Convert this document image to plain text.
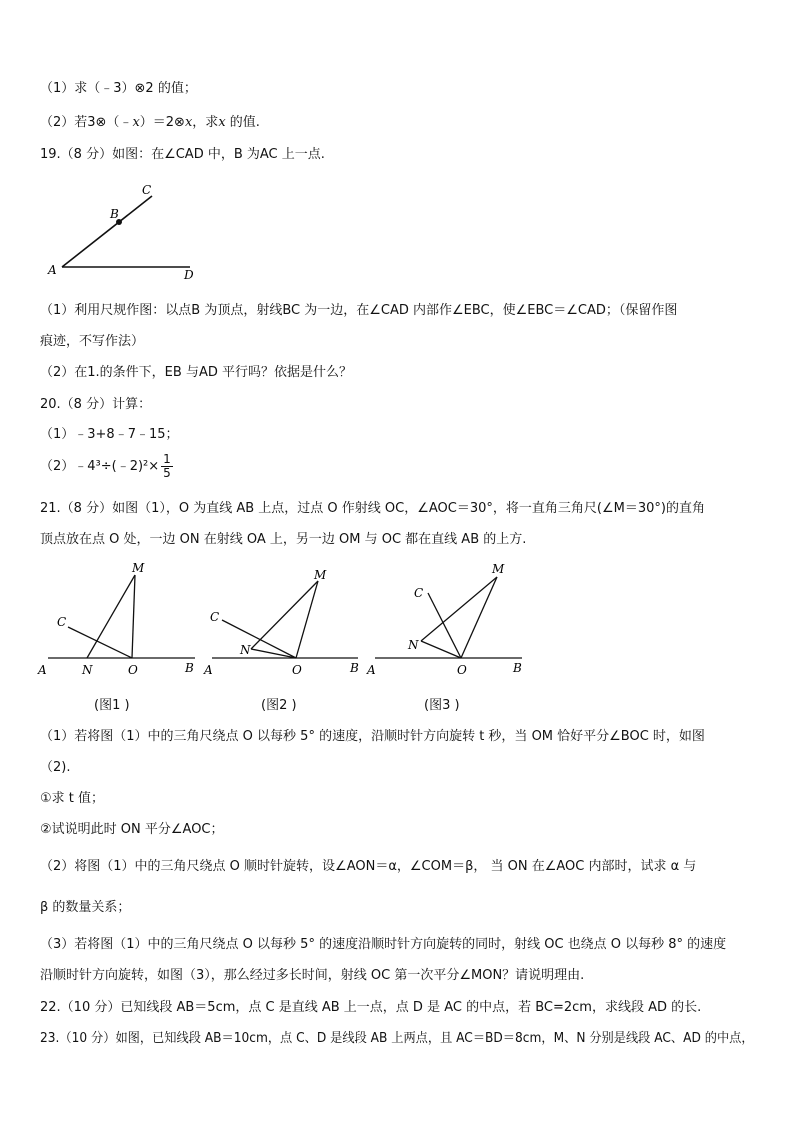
（1）求（﹣3）⊗2 的值；
（2）若3⊗（﹣x）＝2⊗x，求x 的值.
19.（8 分）如图：在∠CAD 中，B 为AC 上一点.
A
B
C
D
（1）利用尺规作图：以点B 为顶点，射线BC 为一边，在∠CAD 内部作∠EBC，使∠EBC＝∠CAD；（保留作图
痕迹，不写作法）
（2）在1.的条件下，EB 与AD 平行吗？依据是什么？
20.（8 分）计算：
（1）﹣3+8﹣7﹣15；
（2）﹣4³÷(﹣2)²× $\frac{1}{5}$
21.（8 分）如图（1），O 为直线 AB 上点，过点 O 作射线 OC，∠AOC＝30°，将一直角三角尺(∠M＝30°)的直角
顶点放在点 O 处，一边 ON 在射线 OA 上，另一边 OM 与 OC 都在直线 AB 的上方.
A
M
C
N	O	B A
M
C
N
O	B A
M
C
N
O	B
(图1 )	(图2 )	(图3 )
（1）若将图（1）中的三角尺绕点 O 以每秒 5° 的速度，沿顺时针方向旋转 t 秒，当 OM 恰好平分∠BOC 时，如图
（2).
①求 t 值；
②试说明此时 ON 平分∠AOC；
（2）将图（1）中的三角尺绕点 O 顺时针旋转，设∠AON＝α，∠COM＝β， 当 ON 在∠AOC 内部时，试求 α 与
β 的数量关系；
（3）若将图（1）中的三角尺绕点 O 以每秒 5° 的速度沿顺时针方向旋转的同时，射线 OC 也绕点 O 以每秒 8° 的速度
沿顺时针方向旋转，如图（3），那么经过多长时间，射线 OC 第一次平分∠MON？请说明理由.
22.（10 分）已知线段 AB＝5cm，点 C 是直线 AB 上一点，点 D 是 AC 的中点，若 BC=2cm，求线段 AD 的长.
23.（10 分）如图，已知线段 AB＝10cm，点 C、D 是线段 AB 上两点，且 AC＝BD＝8cm，M、N 分别是线段 AC、AD 的中点，
